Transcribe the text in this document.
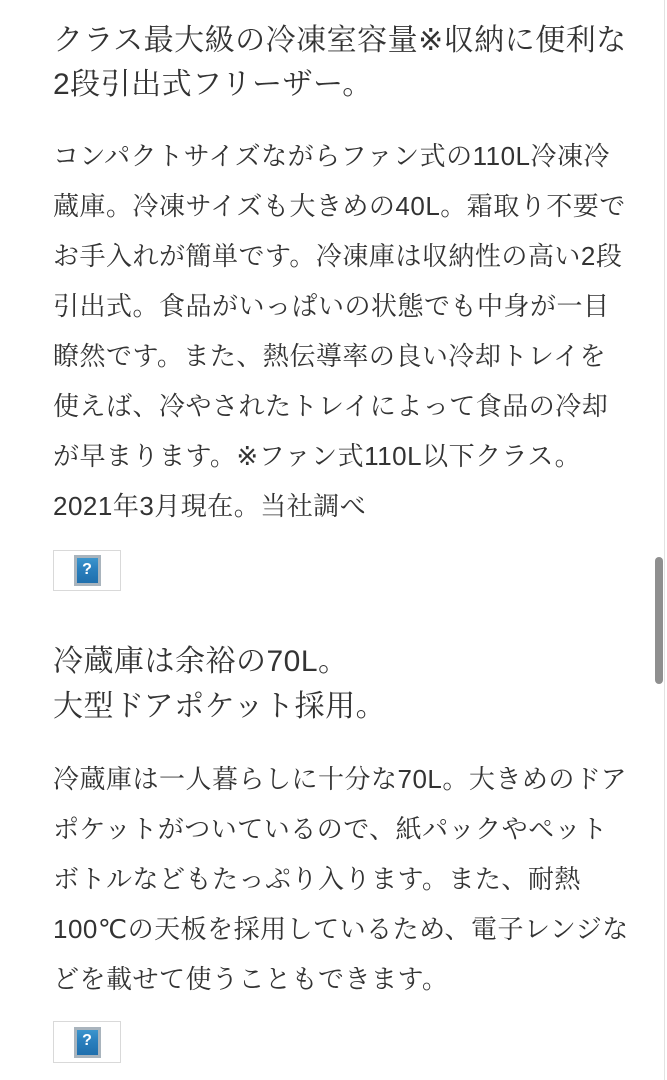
クラス最大級の冷凍室容量※収納に便利な2段引出式フリーザー。

コンパクトサイズながらファン式の110L冷凍冷蔵庫。冷凍サイズも大きめの40L。霜取り不要でお手入れが簡単です。冷凍庫は収納性の高い2段引出式。食品がいっぱいの状態でも中身が一目瞭然です。また、熱伝導率の良い冷却トレイを使えば、冷やされたトレイによって食品の冷却が早まります。※ファン式110L以下クラス。2021年3月現在。当社調べ

?
冷蔵庫は余裕の70L。
大型ドアポケット採用。

冷蔵庫は一人暮らしに十分な70L。大きめのドアポケットがついているので、紙パックやペットボトルなどもたっぷり入ります。また、耐熱100℃の天板を採用しているため、電子レンジなどを載せて使うこともできます。

?
